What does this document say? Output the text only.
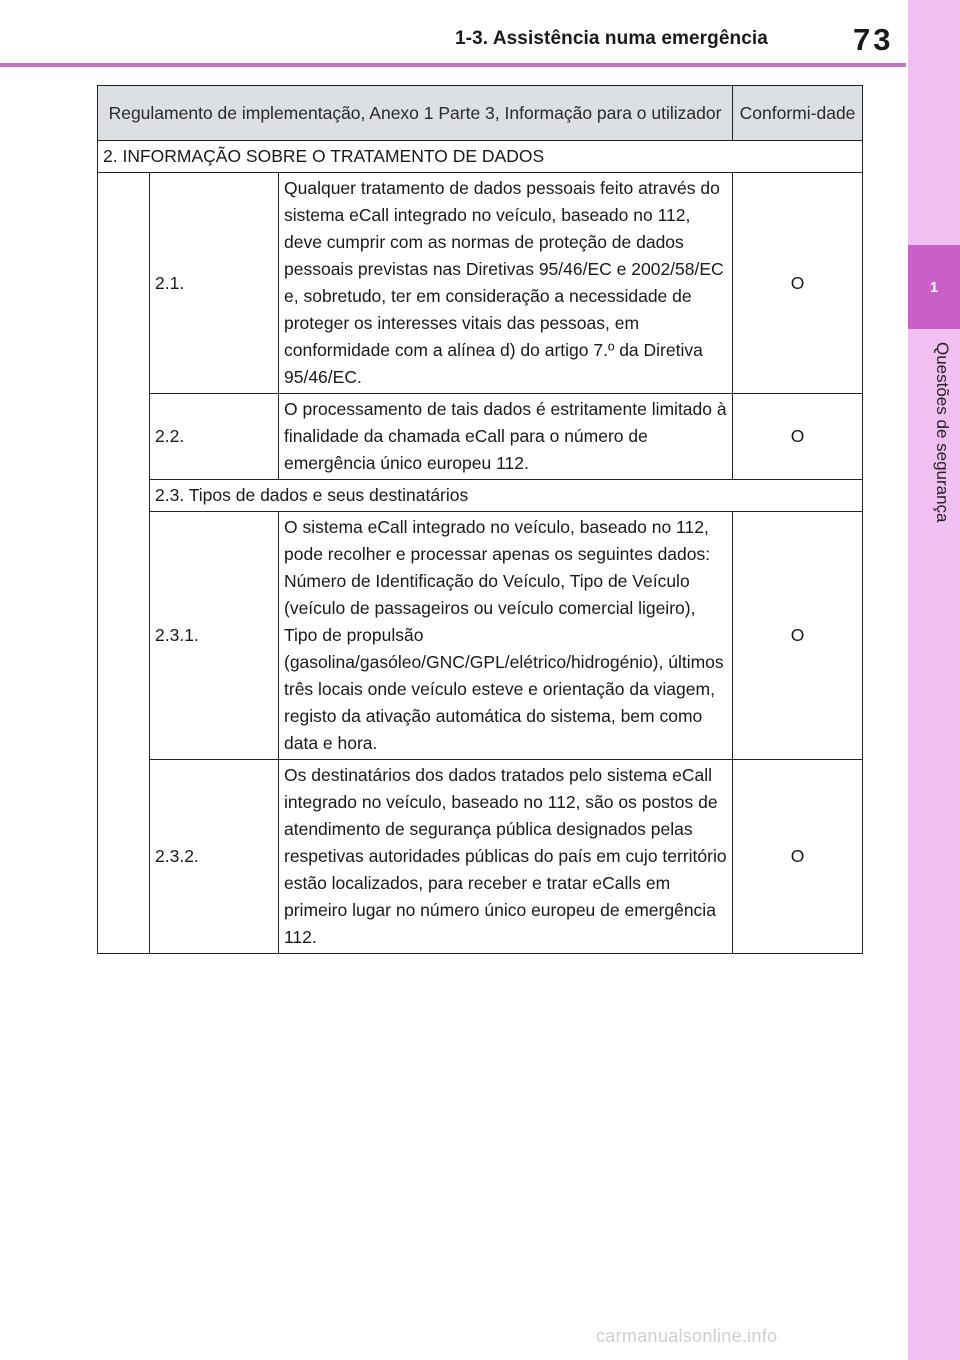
1-3. Assistência numa emergência	73
1
Questões de segurança
Regulamento de implementação, Anexo 1 Parte 3, Informação para o utilizador			Conformi-dade
2. INFORMAÇÃO SOBRE O TRATAMENTO DE DADOS			
	2.1.	Qualquer tratamento de dados pessoais feito através do sistema eCall integrado no veículo, baseado no 112, deve cumprir com as normas de proteção de dados pessoais previstas nas Diretivas 95/46/EC e 2002/58/EC e, sobretudo, ter em consideração a necessidade de proteger os interesses vitais das pessoas, em conformidade com a alínea d) do artigo 7.º da Diretiva 95/46/EC.	O
	2.2.	O processamento de tais dados é estritamente limitado à finalidade da chamada eCall para o número de emergência único europeu 112.	O
	2.3. Tipos de dados e seus destinatários		
	2.3.1.	O sistema eCall integrado no veículo, baseado no 112, pode recolher e processar apenas os seguintes dados: Número de Identificação do Veículo, Tipo de Veículo (veículo de passageiros ou veículo comercial ligeiro), Tipo de propulsão (gasolina/gasóleo/GNC/GPL/elétrico/hidrogénio), últimos três locais onde veículo esteve e orientação da viagem, registo da ativação automática do sistema, bem como data e hora.	O
	2.3.2.	Os destinatários dos dados tratados pelo sistema eCall integrado no veículo, baseado no 112, são os postos de atendimento de segurança pública designados pelas respetivas autoridades públicas do país em cujo território estão localizados, para receber e tratar eCalls em primeiro lugar no número único europeu de emergência 112.	O
carmanualsonline.info
